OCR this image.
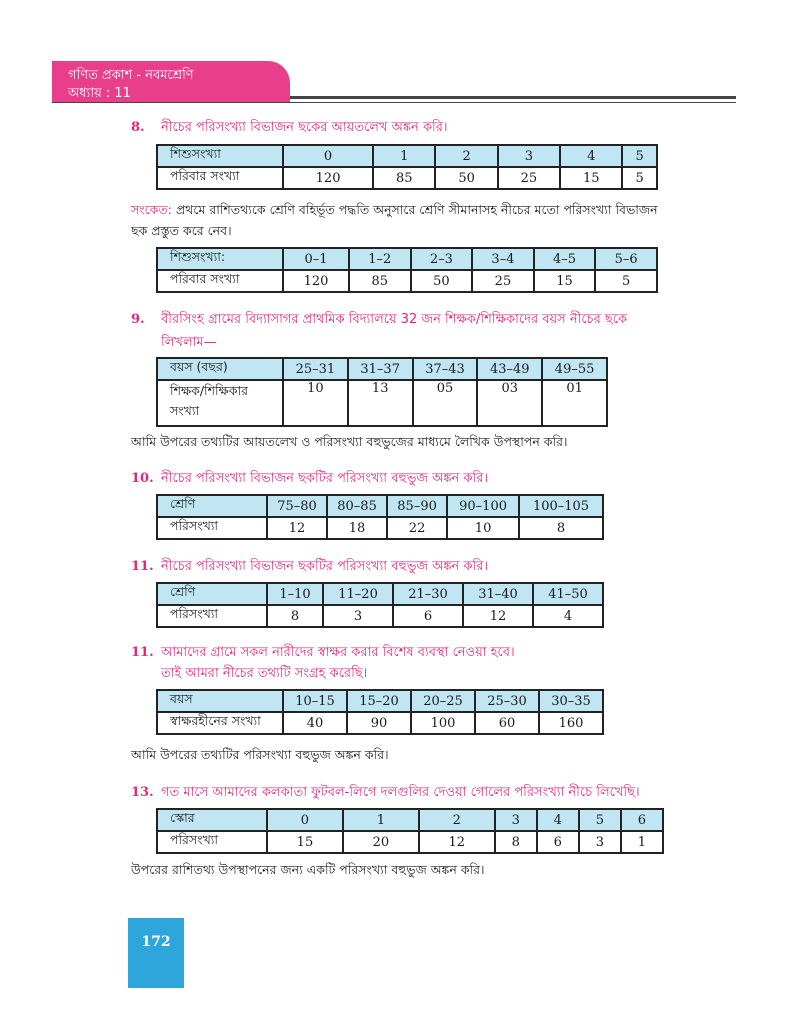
গণিত প্রকাশ - নবমশ্রেণি
অধ্যায় : 11
8. নীচের পরিসংখ্যা বিভাজন ছকের আয়তলেখ অঙ্কন করি।
শিশুসংখ্যা	0	1	2	3	4	5
পরিবার সংখ্যা	120	85	50	25	15	5
সংকেত: প্রথমে রাশিতথ্যকে শ্রেণি বহির্ভূত পদ্ধতি অনুসারে শ্রেণি সীমানাসহ নীচের মতো পরিসংখ্যা বিভাজন
ছক প্রস্তুত করে নেব।
শিশুসংখ্যা:	0–1	1–2	2–3	3–4	4–5	5–6
পরিবার সংখ্যা	120	85	50	25	15	5
9. বীরসিংহ গ্রামের বিদ্যাসাগর প্রাথমিক বিদ্যালয়ে 32 জন শিক্ষক/শিক্ষিকাদের বয়স নীচের ছকে
লিখলাম—
বয়স (বছর)	25–31	31–37	37–43	43–49	49–55

শিক্ষক/শিক্ষিকার
সংখ্যা	10	13	05	03	01
আমি উপরের তথ্যটির আয়তলেখ ও পরিসংখ্যা বহুভুজের মাধ্যমে লৈখিক উপস্থাপন করি।
10. নীচের পরিসংখ্যা বিভাজন ছকটির পরিসংখ্যা বহুভুজ অঙ্কন করি।
শ্রেণি	75–80	80–85	85–90	90–100	100–105
পরিসংখ্যা	12	18	22	10	8
11. নীচের পরিসংখ্যা বিভাজন ছকটির পরিসংখ্যা বহুভুজ অঙ্কন করি।
শ্রেণি	1–10	11–20	21–30	31–40	41–50
পরিসংখ্যা	8	3	6	12	4
11. আমাদের গ্রামে সকল নারীদের স্বাক্ষর করার বিশেষ ব্যবস্থা নেওয়া হবে।
তাই আমরা নীচের তথ্যটি সংগ্রহ করেছি।
বয়স	10–15	15–20	20–25	25–30	30–35
স্বাক্ষরহীনের সংখ্যা	40	90	100	60	160
আমি উপরের তথ্যটির পরিসংখ্যা বহুভুজ অঙ্কন করি।
13. গত মাসে আমাদের কলকাতা ফুটবল-লিগে দলগুলির দেওয়া গোলের পরিসংখ্যা নীচে লিখেছি।
স্কোর	0	1	2	3	4	5	6
পরিসংখ্যা	15	20	12	8	6	3	1
উপরের রাশিতথ্য উপস্থাপনের জন্য একটি পরিসংখ্যা বহুভুজ অঙ্কন করি।
172
